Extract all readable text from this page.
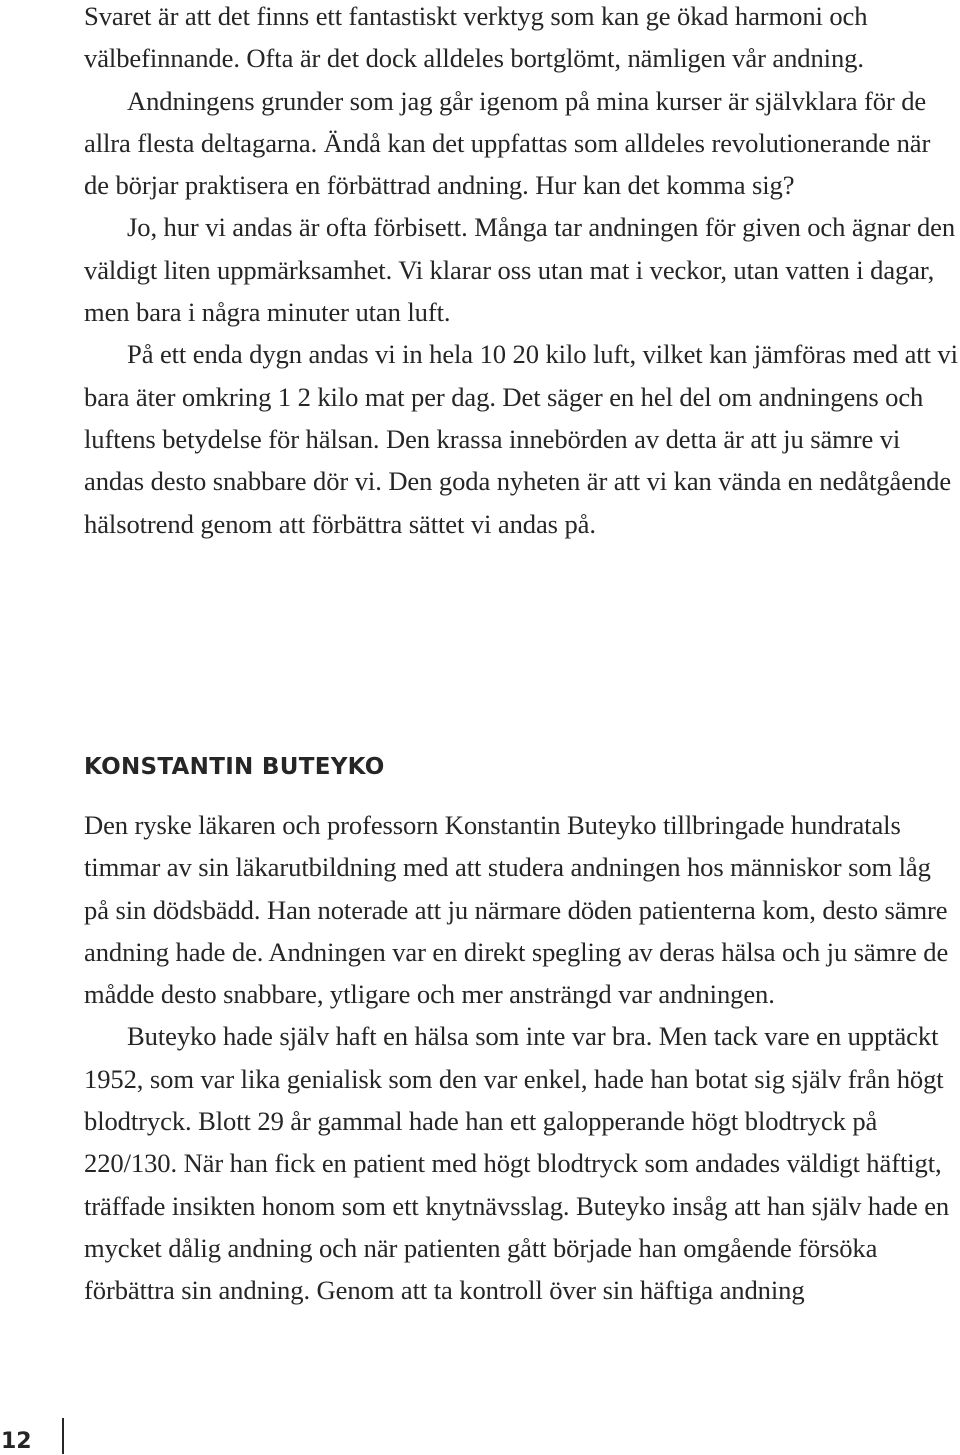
Svaret är att det finns ett fantastiskt verktyg som kan ge ökad harmoni och välbefinnande. Ofta är det dock alldeles bortglömt, nämligen vår andning.

Andningens grunder som jag går igenom på mina kurser är självklara för de allra flesta deltagarna. Ändå kan det uppfattas som alldeles revolutionerande när de börjar praktisera en förbättrad andning. Hur kan det komma sig?

Jo, hur vi andas är ofta förbisett. Många tar andningen för given och ägnar den väldigt liten uppmärksamhet. Vi klarar oss utan mat i veckor, utan vatten i dagar, men bara i några minuter utan luft.

På ett enda dygn andas vi in hela 10 20 kilo luft, vilket kan jämföras med att vi bara äter omkring 1 2 kilo mat per dag. Det säger en hel del om andningens och luftens betydelse för hälsan. Den krassa innebörden av detta är att ju sämre vi andas desto snabbare dör vi. Den goda nyheten är att vi kan vända en nedåtgående hälsotrend genom att förbättra sättet vi andas på.

KONSTANTIN BUTEYKO

Den ryske läkaren och professorn Konstantin Buteyko tillbringade hundratals timmar av sin läkarutbildning med att studera andningen hos människor som låg på sin dödsbädd. Han noterade att ju närmare döden patienterna kom, desto sämre andning hade de. Andningen var en direkt spegling av deras hälsa och ju sämre de mådde desto snabbare, ytligare och mer ansträngd var andningen.

Buteyko hade själv haft en hälsa som inte var bra. Men tack vare en upptäckt 1952, som var lika genialisk som den var enkel, hade han botat sig själv från högt blodtryck. Blott 29 år gammal hade han ett galopperande högt blodtryck på 220/130. När han fick en patient med högt blodtryck som andades väldigt häftigt, träffade insikten honom som ett knytnävsslag. Buteyko insåg att han själv hade en mycket dålig andning och när patienten gått började han omgående försöka förbättra sin andning. Genom att ta kontroll över sin häftiga andning

12
